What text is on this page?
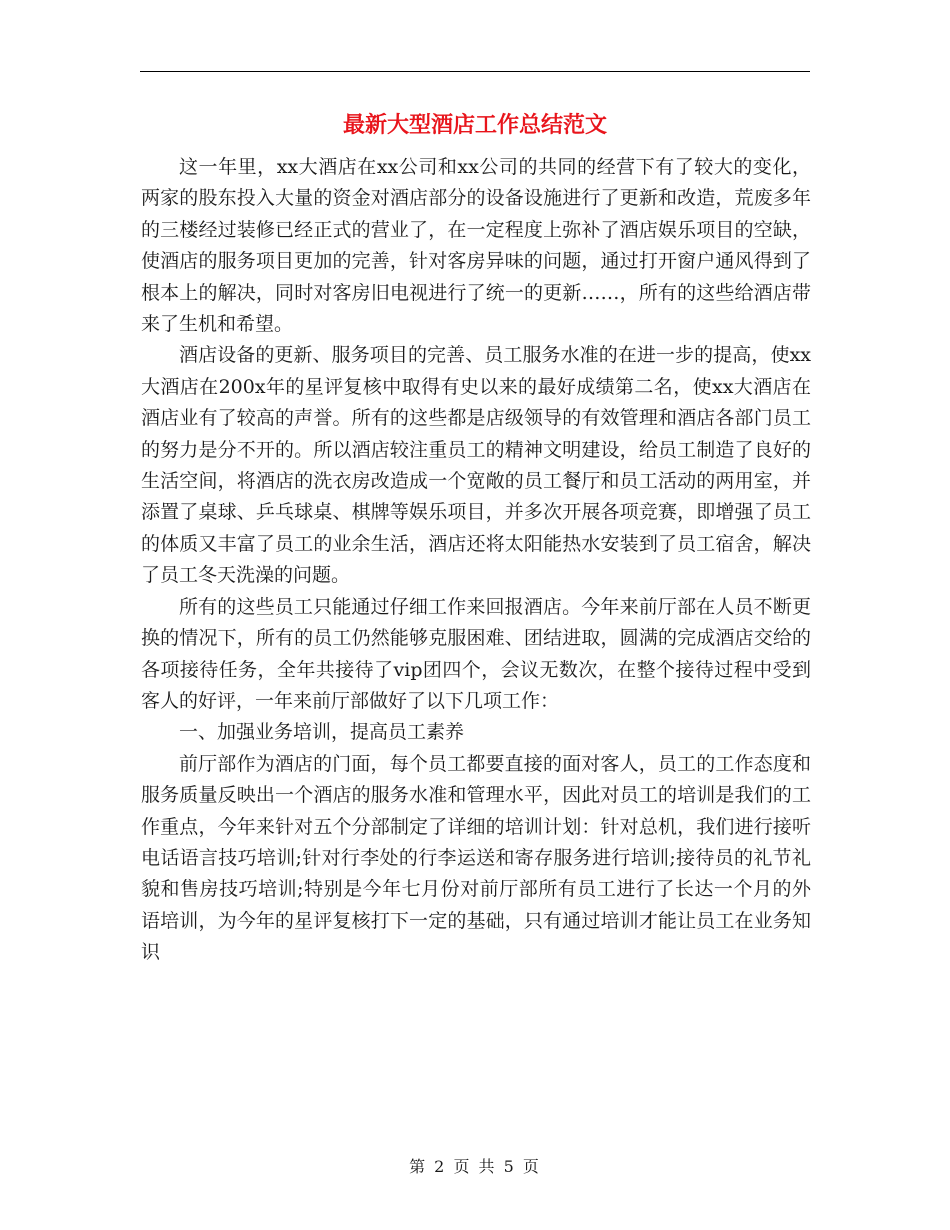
最新大型酒店工作总结范文

这一年里，xx大酒店在xx公司和xx公司的共同的经营下有了较大的变化，两家的股东投入大量的资金对酒店部分的设备设施进行了更新和改造，荒废多年的三楼经过装修已经正式的营业了，在一定程度上弥补了酒店娱乐项目的空缺，使酒店的服务项目更加的完善，针对客房异味的问题，通过打开窗户通风得到了根本上的解决，同时对客房旧电视进行了统一的更新……，所有的这些给酒店带来了生机和希望。

酒店设备的更新、服务项目的完善、员工服务水准的在进一步的提高，使xx大酒店在200x年的星评复核中取得有史以来的最好成绩第二名，使xx大酒店在酒店业有了较高的声誉。所有的这些都是店级领导的有效管理和酒店各部门员工的努力是分不开的。所以酒店较注重员工的精神文明建设，给员工制造了良好的生活空间，将酒店的洗衣房改造成一个宽敞的员工餐厅和员工活动的两用室，并添置了桌球、乒乓球桌、棋牌等娱乐项目，并多次开展各项竞赛，即增强了员工的体质又丰富了员工的业余生活，酒店还将太阳能热水安装到了员工宿舍，解决了员工冬天洗澡的问题。

所有的这些员工只能通过仔细工作来回报酒店。今年来前厅部在人员不断更换的情况下，所有的员工仍然能够克服困难、团结进取，圆满的完成酒店交给的各项接待任务，全年共接待了vip团四个，会议无数次，在整个接待过程中受到客人的好评，一年来前厅部做好了以下几项工作：

一、加强业务培训，提高员工素养

前厅部作为酒店的门面，每个员工都要直接的面对客人，员工的工作态度和服务质量反映出一个酒店的服务水准和管理水平，因此对员工的培训是我们的工作重点，今年来针对五个分部制定了详细的培训计划：针对总机，我们进行接听电话语言技巧培训;针对行李处的行李运送和寄存服务进行培训;接待员的礼节礼貌和售房技巧培训;特别是今年七月份对前厅部所有员工进行了长达一个月的外语培训，为今年的星评复核打下一定的基础，只有通过培训才能让员工在业务知识

第 2 页 共 5 页
